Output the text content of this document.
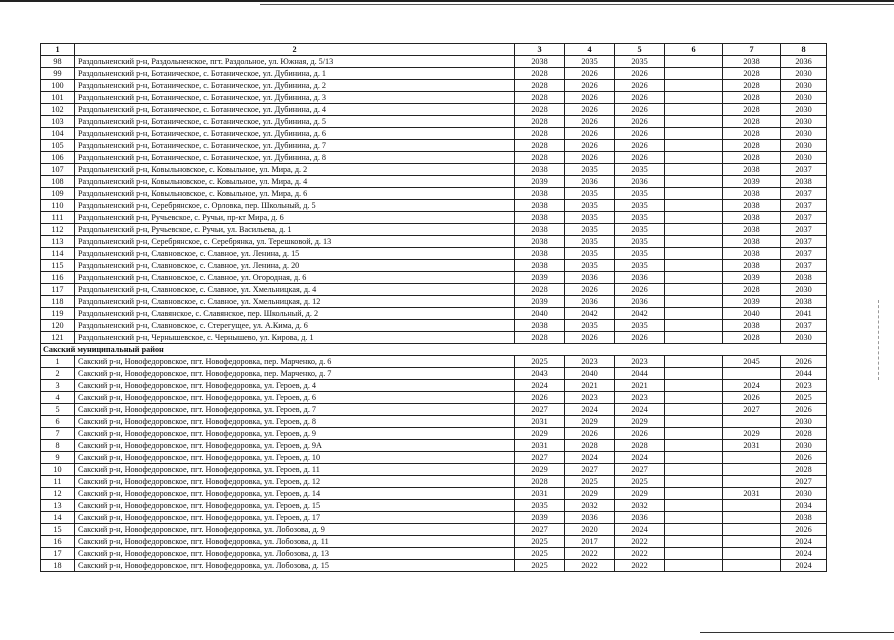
1	2	3	4	5	6	7	8
98	Раздольненский р-н, Раздольненское, пгт. Раздольное, ул. Южная, д. 5/13	2038	2035	2035		2038	2036
99	Раздольненский р-н, Ботаническое, с. Ботаническое, ул. Дубинина, д. 1	2028	2026	2026		2028	2030
100	Раздольненский р-н, Ботаническое, с. Ботаническое, ул. Дубинина, д. 2	2028	2026	2026		2028	2030
101	Раздольненский р-н, Ботаническое, с. Ботаническое, ул. Дубинина, д. 3	2028	2026	2026		2028	2030
102	Раздольненский р-н, Ботаническое, с. Ботаническое, ул. Дубинина, д. 4	2028	2026	2026		2028	2030
103	Раздольненский р-н, Ботаническое, с. Ботаническое, ул. Дубинина, д. 5	2028	2026	2026		2028	2030
104	Раздольненский р-н, Ботаническое, с. Ботаническое, ул. Дубинина, д. 6	2028	2026	2026		2028	2030
105	Раздольненский р-н, Ботаническое, с. Ботаническое, ул. Дубинина, д. 7	2028	2026	2026		2028	2030
106	Раздольненский р-н, Ботаническое, с. Ботаническое, ул. Дубинина, д. 8	2028	2026	2026		2028	2030
107	Раздольненский р-н, Ковыльновское, с. Ковыльное, ул. Мира, д. 2	2038	2035	2035		2038	2037
108	Раздольненский р-н, Ковыльновское, с. Ковыльное, ул. Мира, д. 4	2039	2036	2036		2039	2038
109	Раздольненский р-н, Ковыльновское, с. Ковыльное, ул. Мира, д. 6	2038	2035	2035		2038	2037
110	Раздольненский р-н, Серебрянское, с. Орловка, пер. Школьный, д. 5	2038	2035	2035		2038	2037
111	Раздольненский р-н, Ручьевское, с. Ручьи, пр-кт Мира, д. 6	2038	2035	2035		2038	2037
112	Раздольненский р-н, Ручьевское, с. Ручьи, ул. Васильева, д. 1	2038	2035	2035		2038	2037
113	Раздольненский р-н, Серебрянское, с. Серебрянка, ул. Терешковой, д. 13	2038	2035	2035		2038	2037
114	Раздольненский р-н, Славновское, с. Славное, ул. Ленина, д. 15	2038	2035	2035		2038	2037
115	Раздольненский р-н, Славновское, с. Славное, ул. Ленина, д. 20	2038	2035	2035		2038	2037
116	Раздольненский р-н, Славновское, с. Славное, ул. Огородная, д. 6	2039	2036	2036		2039	2038
117	Раздольненский р-н, Славновское, с. Славное, ул. Хмельницкая, д. 4	2028	2026	2026		2028	2030
118	Раздольненский р-н, Славновское, с. Славное, ул. Хмельницкая, д. 12	2039	2036	2036		2039	2038
119	Раздольненский р-н, Славянское, с. Славянское, пер. Школьный, д. 2	2040	2042	2042		2040	2041
120	Раздольненский р-н, Славновское, с. Стерегущее, ул. А.Кима, д. 6	2038	2035	2035		2038	2037
121	Раздольненский р-н, Чернышевское, с. Чернышево, ул. Кирова, д. 1	2028	2026	2026		2028	2030
Сакский муниципальный район							
1	Сакский р-н, Новофедоровское, пгт. Новофедоровка, пер. Марченко, д. 6	2025	2023	2023		2045	2026
2	Сакский р-н, Новофедоровское, пгт. Новофедоровка, пер. Марченко, д. 7	2043	2040	2044			2044
3	Сакский р-н, Новофедоровское, пгт. Новофедоровка, ул. Героев, д. 4	2024	2021	2021		2024	2023
4	Сакский р-н, Новофедоровское, пгт. Новофедоровка, ул. Героев, д. 6	2026	2023	2023		2026	2025
5	Сакский р-н, Новофедоровское, пгт. Новофедоровка, ул. Героев, д. 7	2027	2024	2024		2027	2026
6	Сакский р-н, Новофедоровское, пгт. Новофедоровка, ул. Героев, д. 8	2031	2029	2029			2030
7	Сакский р-н, Новофедоровское, пгт. Новофедоровка, ул. Героев, д. 9	2029	2026	2026		2029	2028
8	Сакский р-н, Новофедоровское, пгт. Новофедоровка, ул. Героев, д. 9А	2031	2028	2028		2031	2030
9	Сакский р-н, Новофедоровское, пгт. Новофедоровка, ул. Героев, д. 10	2027	2024	2024			2026
10	Сакский р-н, Новофедоровское, пгт. Новофедоровка, ул. Героев, д. 11	2029	2027	2027			2028
11	Сакский р-н, Новофедоровское, пгт. Новофедоровка, ул. Героев, д. 12	2028	2025	2025			2027
12	Сакский р-н, Новофедоровское, пгт. Новофедоровка, ул. Героев, д. 14	2031	2029	2029		2031	2030
13	Сакский р-н, Новофедоровское, пгт. Новофедоровка, ул. Героев, д. 15	2035	2032	2032			2034
14	Сакский р-н, Новофедоровское, пгт. Новофедоровка, ул. Героев, д. 17	2039	2036	2036			2038
15	Сакский р-н, Новофедоровское, пгт. Новофедоровка, ул. Лобозова, д. 9	2027	2020	2024			2026
16	Сакский р-н, Новофедоровское, пгт. Новофедоровка, ул. Лобозова, д. 11	2025	2017	2022			2024
17	Сакский р-н, Новофедоровское, пгт. Новофедоровка, ул. Лобозова, д. 13	2025	2022	2022			2024
18	Сакский р-н, Новофедоровское, пгт. Новофедоровка, ул. Лобозова, д. 15	2025	2022	2022			2024
